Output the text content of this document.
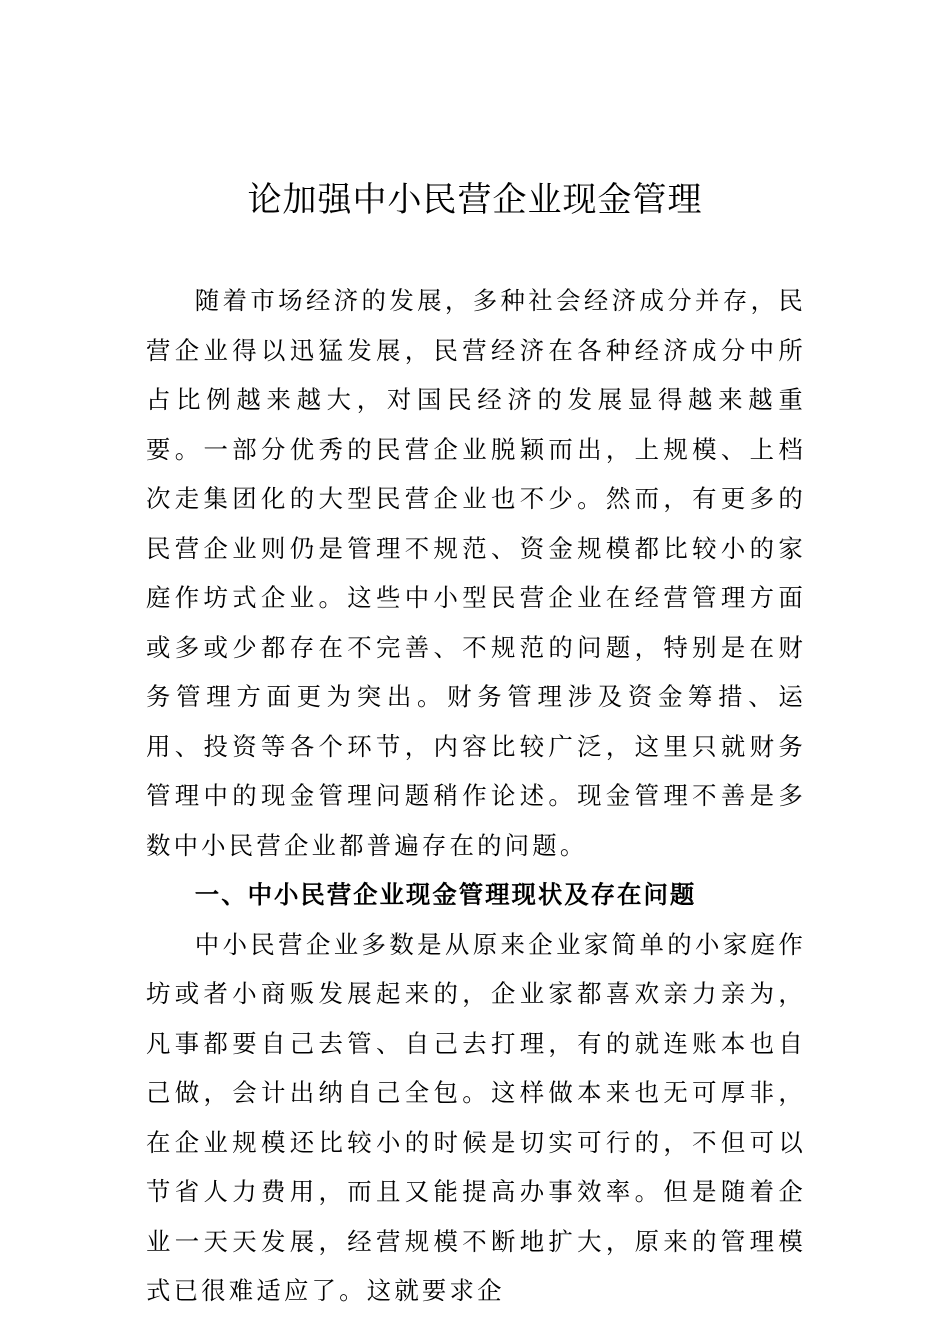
论加强中小民营企业现金管理

随着市场经济的发展，多种社会经济成分并存，民营企业得以迅猛发展，民营经济在各种经济成分中所占比例越来越大，对国民经济的发展显得越来越重要。一部分优秀的民营企业脱颖而出，上规模、上档次走集团化的大型民营企业也不少。然而，有更多的民营企业则仍是管理不规范、资金规模都比较小的家庭作坊式企业。这些中小型民营企业在经营管理方面或多或少都存在不完善、不规范的问题，特别是在财务管理方面更为突出。财务管理涉及资金筹措、运用、投资等各个环节，内容比较广泛，这里只就财务管理中的现金管理问题稍作论述。现金管理不善是多数中小民营企业都普遍存在的问题。

一、中小民营企业现金管理现状及存在问题

中小民营企业多数是从原来企业家简单的小家庭作坊或者小商贩发展起来的，企业家都喜欢亲力亲为，凡事都要自己去管、自己去打理，有的就连账本也自己做，会计出纳自己全包。这样做本来也无可厚非，在企业规模还比较小的时候是切实可行的，不但可以节省人力费用，而且又能提高办事效率。但是随着企业一天天发展，经营规模不断地扩大，原来的管理模式已很难适应了。这就要求企
